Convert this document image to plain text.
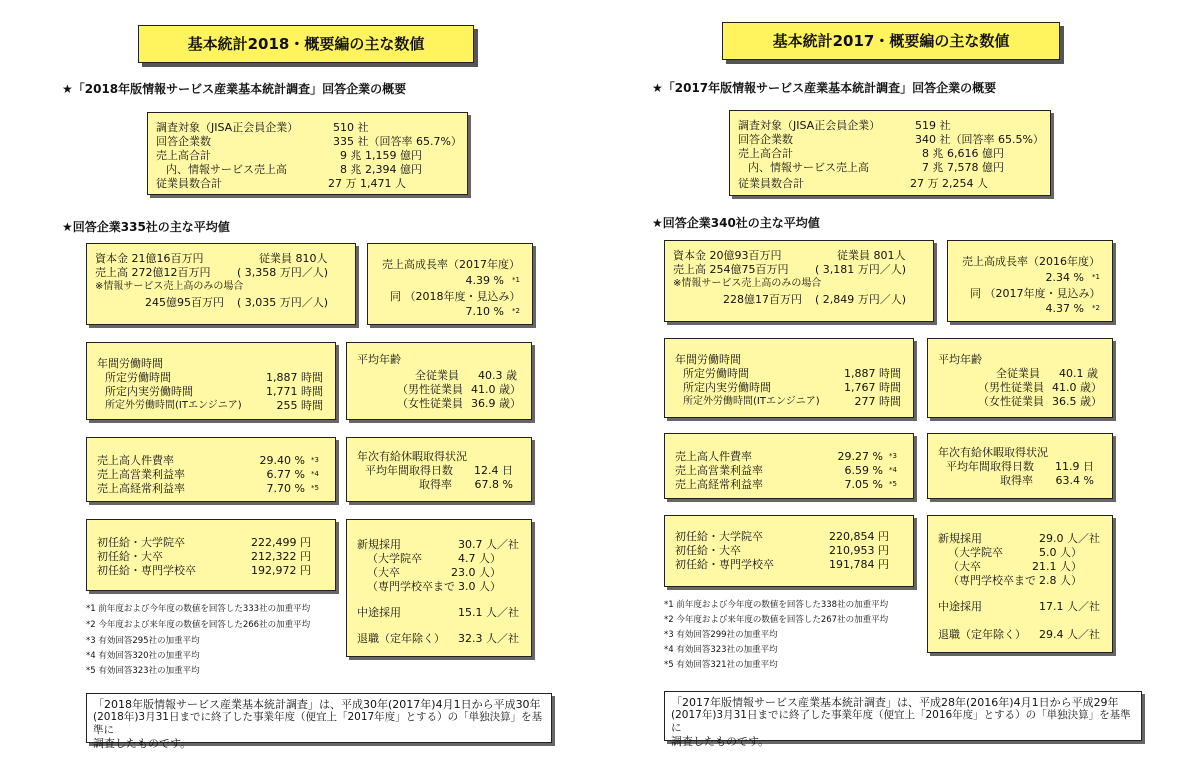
基本統計2018・概要編の主な数値
★「2018年版情報サービス産業基本統計調査」回答企業の概要
調査対象（JISA正会員企業）	510 社
回答企業数	335 社（回答率 65.7%）
売上高合計	9 兆 1,159 億円
内、情報サービス売上高	8 兆 2,394 億円
従業員数合計	27 万 1,471 人
★回答企業335社の主な平均値
資本金 21億16百万円	従業員 810人
売上高 272億12百万円 ( 3,358 万円／人)
※情報サービス売上高のみの場合
245億95百万円 ( 3,035 万円／人)
売上高成長率（2017年度）
4.39 % *1
同 （2018年度・見込み）
7.10 % *2
年間労働時間
所定労働時間	1,887 時間
所定内実労働時間	1,771 時間
所定外労働時間(ITエンジニア)	255 時間
平均年齢
全従業員 40.3 歳
（男性従業員 41.0 歳）
（女性従業員 36.9 歳）
売上高人件費率	29.40 % *3
売上高営業利益率	6.77 % *4
売上高経常利益率	7.70 % *5
年次有給休暇取得状況
平均年間取得日数 12.4 日
取得率 67.8 %
初任給・大学院卒	222,499 円
初任給・大卒	212,322 円
初任給・専門学校卒	192,972 円
新規採用	30.7 人／社
（大学院卒	4.7 人）
（大卒	23.0 人）
（専門学校卒まで 3.0 人）
中途採用	15.1 人／社
退職（定年除く） 32.3 人／社
*1 前年度および今年度の数値を回答した333社の加重平均
*2 今年度および来年度の数値を回答した266社の加重平均
*3 有効回答295社の加重平均
*4 有効回答320社の加重平均
*5 有効回答323社の加重平均
「2018年版情報サービス産業基本統計調査」は、平成30年(2017年)4月1日から平成30年
(2018年)3月31日までに終了した事業年度（便宜上「2017年度」とする）の「単独決算」を基準に
調査したものです。
基本統計2017・概要編の主な数値
★「2017年版情報サービス産業基本統計調査」回答企業の概要
調査対象（JISA正会員企業）	519 社
回答企業数	340 社（回答率 65.5%）
売上高合計	8 兆 6,616 億円
内、情報サービス売上高	7 兆 7,578 億円
従業員数合計	27 万 2,254 人
★回答企業340社の主な平均値
資本金 20億93百万円	従業員 801人
売上高 254億75百万円 ( 3,181 万円／人)
※情報サービス売上高のみの場合
228億17百万円 ( 2,849 万円／人)
売上高成長率（2016年度）
2.34 % *1
同 （2017年度・見込み）
4.37 % *2
年間労働時間
所定労働時間	1,887 時間
所定内実労働時間	1,767 時間
所定外労働時間(ITエンジニア)	277 時間
平均年齢
全従業員 40.1 歳
（男性従業員 41.0 歳）
（女性従業員 36.5 歳）
売上高人件費率	29.27 % *3
売上高営業利益率	6.59 % *4
売上高経常利益率	7.05 % *5
年次有給休暇取得状況
平均年間取得日数 11.9 日
取得率 63.4 %
初任給・大学院卒	220,854 円
初任給・大卒	210,953 円
初任給・専門学校卒	191,784 円
新規採用	29.0 人／社
（大学院卒	5.0 人）
（大卒	21.1 人）
（専門学校卒まで 2.8 人）
中途採用	17.1 人／社
退職（定年除く） 29.4 人／社
*1 前年度および今年度の数値を回答した338社の加重平均
*2 今年度および来年度の数値を回答した267社の加重平均
*3 有効回答299社の加重平均
*4 有効回答323社の加重平均
*5 有効回答321社の加重平均
「2017年版情報サービス産業基本統計調査」は、平成28年(2016年)4月1日から平成29年
(2017年)3月31日までに終了した事業年度（便宜上「2016年度」とする）の「単独決算」を基準に
調査したものです。
